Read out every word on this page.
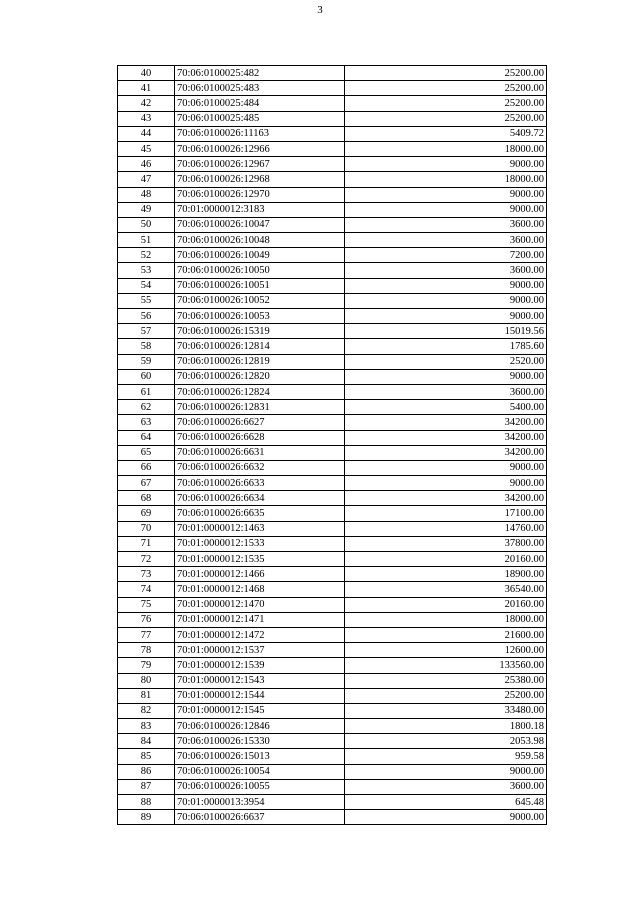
3
40	70:06:0100025:482	25200.00
41	70:06:0100025:483	25200.00
42	70:06:0100025:484	25200.00
43	70:06:0100025:485	25200.00
44	70:06:0100026:11163	5409.72
45	70:06:0100026:12966	18000.00
46	70:06:0100026:12967	9000.00
47	70:06:0100026:12968	18000.00
48	70:06:0100026:12970	9000.00
49	70:01:0000012:3183	9000.00
50	70:06:0100026:10047	3600.00
51	70:06:0100026:10048	3600.00
52	70:06:0100026:10049	7200.00
53	70:06:0100026:10050	3600.00
54	70:06:0100026:10051	9000.00
55	70:06:0100026:10052	9000.00
56	70:06:0100026:10053	9000.00
57	70:06:0100026:15319	15019.56
58	70:06:0100026:12814	1785.60
59	70:06:0100026:12819	2520.00
60	70:06:0100026:12820	9000.00
61	70:06:0100026:12824	3600.00
62	70:06:0100026:12831	5400.00
63	70:06:0100026:6627	34200.00
64	70:06:0100026:6628	34200.00
65	70:06:0100026:6631	34200.00
66	70:06:0100026:6632	9000.00
67	70:06:0100026:6633	9000.00
68	70:06:0100026:6634	34200.00
69	70:06:0100026:6635	17100.00
70	70:01:0000012:1463	14760.00
71	70:01:0000012:1533	37800.00
72	70:01:0000012:1535	20160.00
73	70:01:0000012:1466	18900.00
74	70:01:0000012:1468	36540.00
75	70:01:0000012:1470	20160.00
76	70:01:0000012:1471	18000.00
77	70:01:0000012:1472	21600.00
78	70:01:0000012:1537	12600.00
79	70:01:0000012:1539	133560.00
80	70:01:0000012:1543	25380.00
81	70:01:0000012:1544	25200.00
82	70:01:0000012:1545	33480.00
83	70:06:0100026:12846	1800.18
84	70:06:0100026:15330	2053.98
85	70:06:0100026:15013	959.58
86	70:06:0100026:10054	9000.00
87	70:06:0100026:10055	3600.00
88	70:01:0000013:3954	645.48
89	70:06:0100026:6637	9000.00
